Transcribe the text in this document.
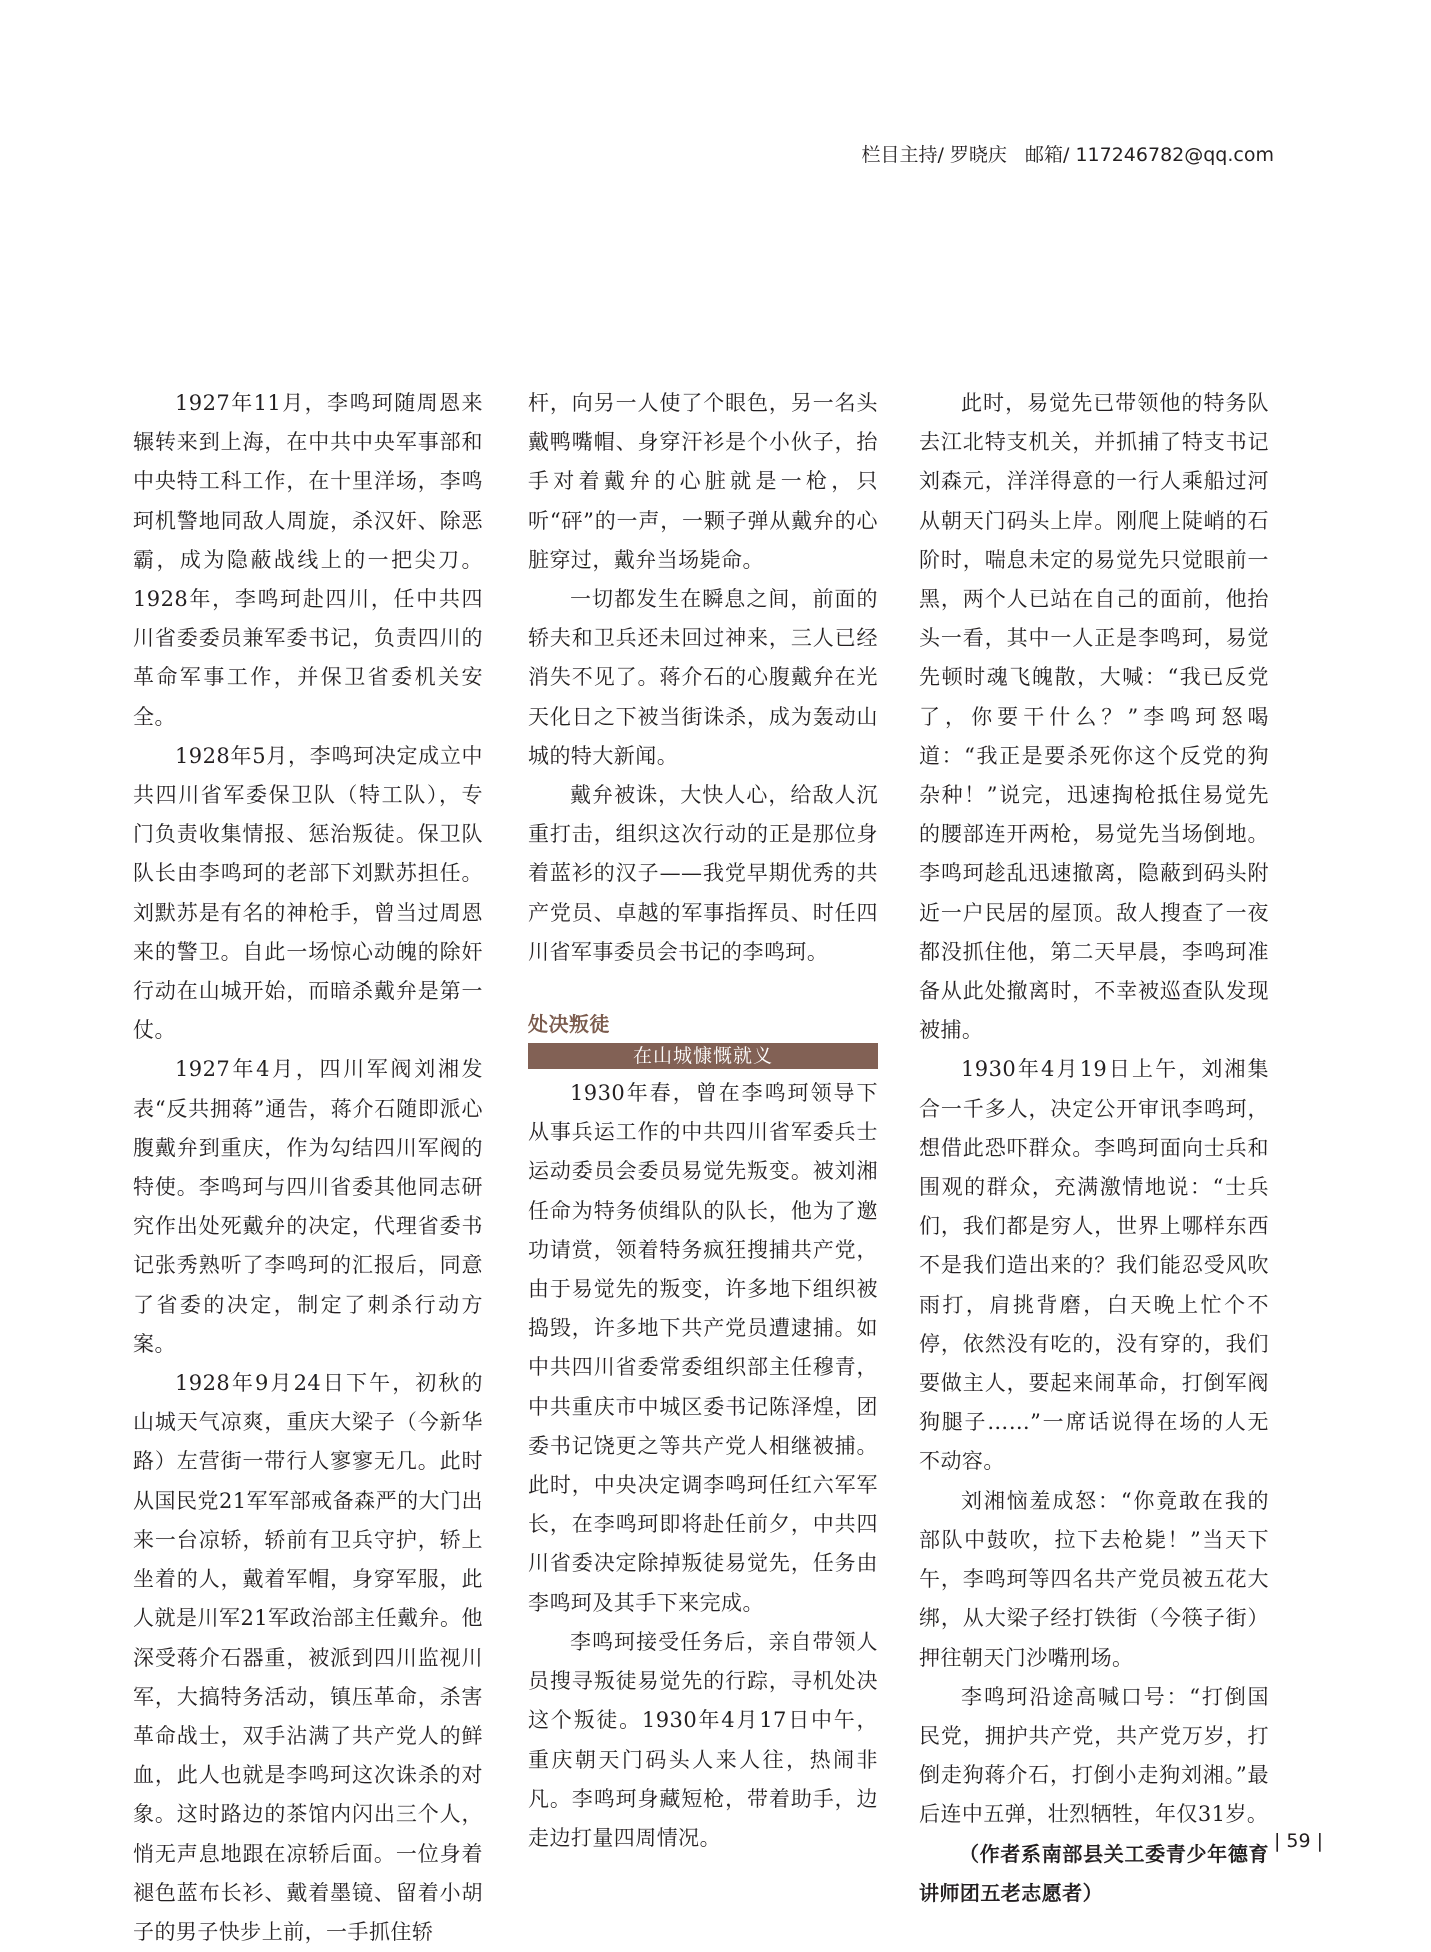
栏目主持/ 罗晓庆   邮箱/ 117246782@qq.com

1927年11月，李鸣珂随周恩来辗转来到上海，在中共中央军事部和中央特工科工作，在十里洋场，李鸣珂机警地同敌人周旋，杀汉奸、除恶霸，成为隐蔽战线上的一把尖刀。1928年，李鸣珂赴四川，任中共四川省委委员兼军委书记，负责四川的革命军事工作，并保卫省委机关安全。

1928年5月，李鸣珂决定成立中共四川省军委保卫队（特工队），专门负责收集情报、惩治叛徒。保卫队队长由李鸣珂的老部下刘默苏担任。刘默苏是有名的神枪手，曾当过周恩来的警卫。自此一场惊心动魄的除奸行动在山城开始，而暗杀戴弁是第一仗。

1927年4月，四川军阀刘湘发表“反共拥蒋”通告，蒋介石随即派心腹戴弁到重庆，作为勾结四川军阀的特使。李鸣珂与四川省委其他同志研究作出处死戴弁的决定，代理省委书记张秀熟听了李鸣珂的汇报后，同意了省委的决定，制定了刺杀行动方案。

1928年9月24日下午，初秋的山城天气凉爽，重庆大梁子（今新华路）左营街一带行人寥寥无几。此时从国民党21军军部戒备森严的大门出来一台凉轿，轿前有卫兵守护，轿上坐着的人，戴着军帽，身穿军服，此人就是川军21军政治部主任戴弁。他深受蒋介石器重，被派到四川监视川军，大搞特务活动，镇压革命，杀害革命战士，双手沾满了共产党人的鲜血，此人也就是李鸣珂这次诛杀的对象。这时路边的茶馆内闪出三个人，悄无声息地跟在凉轿后面。一位身着褪色蓝布长衫、戴着墨镜、留着小胡子的男子快步上前，一手抓住轿

杆，向另一人使了个眼色，另一名头戴鸭嘴帽、身穿汗衫是个小伙子，抬手对着戴弁的心脏就是一枪，只听“砰”的一声，一颗子弹从戴弁的心脏穿过，戴弁当场毙命。

一切都发生在瞬息之间，前面的轿夫和卫兵还未回过神来，三人已经消失不见了。蒋介石的心腹戴弁在光天化日之下被当街诛杀，成为轰动山城的特大新闻。

戴弁被诛，大快人心，给敌人沉重打击，组织这次行动的正是那位身着蓝衫的汉子——我党早期优秀的共产党员、卓越的军事指挥员、时任四川省军事委员会书记的李鸣珂。

处决叛徒
在山城慷慨就义

1930年春，曾在李鸣珂领导下从事兵运工作的中共四川省军委兵士运动委员会委员易觉先叛变。被刘湘任命为特务侦缉队的队长，他为了邀功请赏，领着特务疯狂搜捕共产党，由于易觉先的叛变，许多地下组织被捣毁，许多地下共产党员遭逮捕。如中共四川省委常委组织部主任穆青，中共重庆市中城区委书记陈泽煌，团委书记饶更之等共产党人相继被捕。此时，中央决定调李鸣珂任红六军军长，在李鸣珂即将赴任前夕，中共四川省委决定除掉叛徒易觉先，任务由李鸣珂及其手下来完成。

李鸣珂接受任务后，亲自带领人员搜寻叛徒易觉先的行踪，寻机处决这个叛徒。1930年4月17日中午，重庆朝天门码头人来人往，热闹非凡。李鸣珂身藏短枪，带着助手，边走边打量四周情况。

此时，易觉先已带领他的特务队去江北特支机关，并抓捕了特支书记刘森元，洋洋得意的一行人乘船过河从朝天门码头上岸。刚爬上陡峭的石阶时，喘息未定的易觉先只觉眼前一黑，两个人已站在自己的面前，他抬头一看，其中一人正是李鸣珂，易觉先顿时魂飞魄散，大喊：“我已反党了，你要干什么？”李鸣珂怒喝道：“我正是要杀死你这个反党的狗杂种！”说完，迅速掏枪抵住易觉先的腰部连开两枪，易觉先当场倒地。李鸣珂趁乱迅速撤离，隐蔽到码头附近一户民居的屋顶。敌人搜查了一夜都没抓住他，第二天早晨，李鸣珂准备从此处撤离时，不幸被巡查队发现被捕。

1930年4月19日上午，刘湘集合一千多人，决定公开审讯李鸣珂，想借此恐吓群众。李鸣珂面向士兵和围观的群众，充满激情地说：“士兵们，我们都是穷人，世界上哪样东西不是我们造出来的？我们能忍受风吹雨打，肩挑背磨，白天晚上忙个不停，依然没有吃的，没有穿的，我们要做主人，要起来闹革命，打倒军阀狗腿子……”一席话说得在场的人无不动容。

刘湘恼羞成怒：“你竟敢在我的部队中鼓吹，拉下去枪毙！”当天下午，李鸣珂等四名共产党员被五花大绑，从大梁子经打铁街（今筷子街）押往朝天门沙嘴刑场。

李鸣珂沿途高喊口号：“打倒国民党，拥护共产党，共产党万岁，打倒走狗蒋介石，打倒小走狗刘湘。”最后连中五弹，壮烈牺牲，年仅31岁。

（作者系南部县关工委青少年德育讲师团五老志愿者）

| 59 |
